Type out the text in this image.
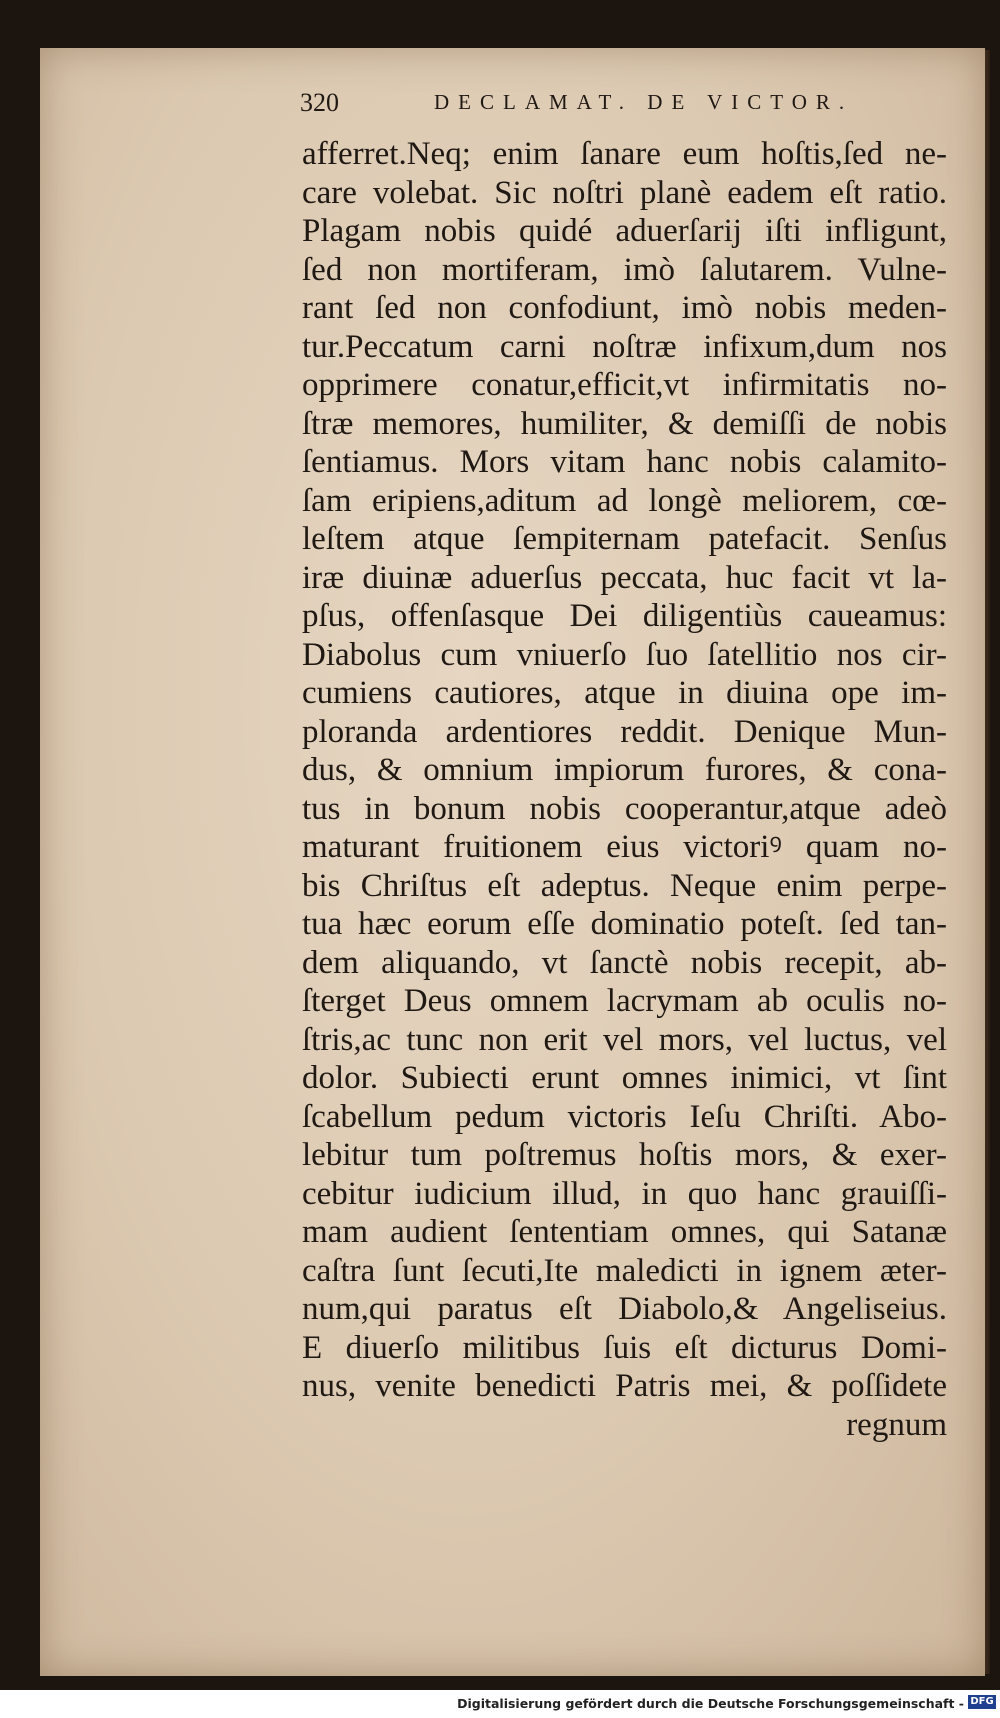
320	DECLAMAT. DE VICTOR.
afferret.Neq; enim ſanare eum hoſtis,ſed ne-
care volebat. Sic noſtri planè eadem eſt ratio.
Plagam nobis quidé aduerſarij iſti infligunt,
ſed non mortiferam, imò ſalutarem. Vulne-
rant ſed non confodiunt, imò nobis meden-
tur.Peccatum carni noſtræ infixum,dum nos
opprimere conatur,efficit,vt infirmitatis no-
ſtræ memores, humiliter, & demiſſi de nobis
ſentiamus. Mors vitam hanc nobis calamito-
ſam eripiens,aditum ad longè meliorem, cœ-
leſtem atque ſempiternam patefacit. Senſus
iræ diuinæ aduerſus peccata, huc facit vt la-
pſus, offenſasque Dei diligentiùs caueamus:
Diabolus cum vniuerſo ſuo ſatellitio nos cir-
cumiens cautiores, atque in diuina ope im-
ploranda ardentiores reddit. Denique Mun-
dus, & omnium impiorum furores, & cona-
tus in bonum nobis cooperantur,atque adeò
maturant fruitionem eius victoriꝰ quam no-
bis Chriſtus eſt adeptus. Neque enim perpe-
tua hæc eorum eſſe dominatio poteſt. ſed tan-
dem aliquando, vt ſanctè nobis recepit, ab-
ſterget Deus omnem lacrymam ab oculis no-
ſtris,ac tunc non erit vel mors, vel luctus, vel
dolor. Subiecti erunt omnes inimici, vt ſint
ſcabellum pedum victoris Ieſu Chriſti. Abo-
lebitur tum poſtremus hoſtis mors, & exer-
cebitur iudicium illud, in quo hanc grauiſſi-
mam audient ſententiam omnes, qui Satanæ
caſtra ſunt ſecuti,Ite maledicti in ignem æter-
num,qui paratus eſt Diabolo,& Angeliseius.
E diuerſo militibus ſuis eſt dicturus Domi-
nus, venite benedicti Patris mei, & poſſidete
regnum
Digitalisierung gefördert durch die Deutsche Forschungsgemeinschaft - DFG
